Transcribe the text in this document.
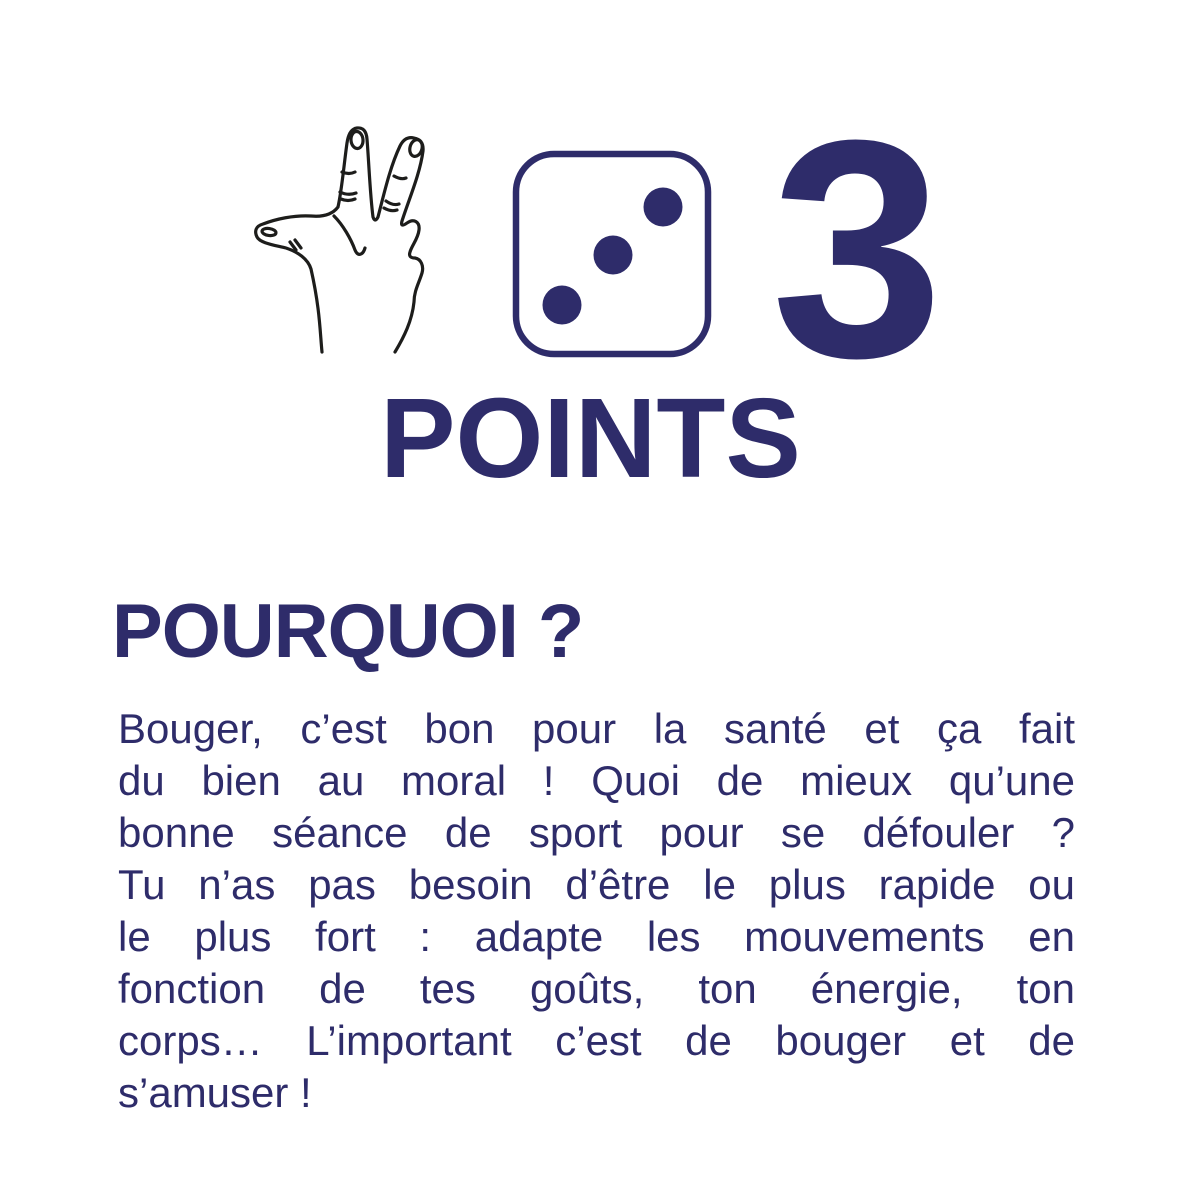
3
POINTS
POURQUOI ?
Bouger, c’est bon pour la santé et ça fait
du bien au moral ! Quoi de mieux qu’une
bonne séance de sport pour se défouler ?
Tu n’as pas besoin d’être le plus rapide ou
le plus fort : adapte les mouvements en
fonction de tes goûts, ton énergie, ton
corps… L’important c’est de bouger et de
s’amuser !
